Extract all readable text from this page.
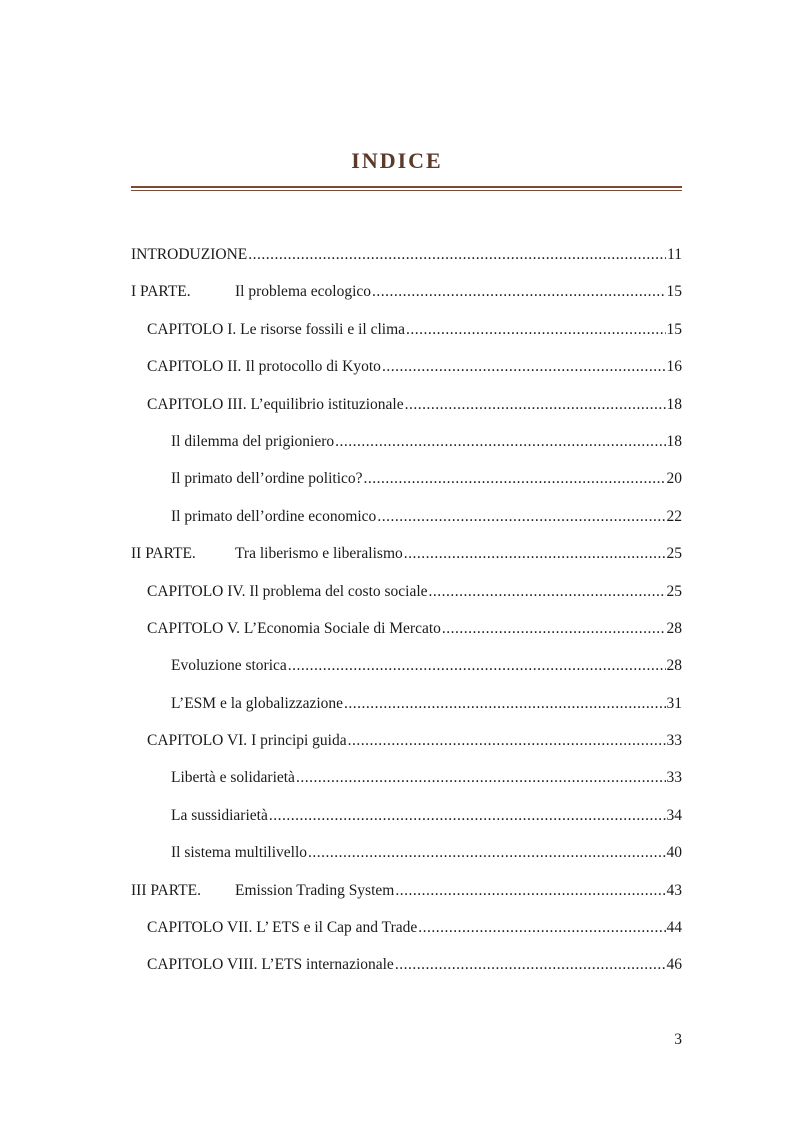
INDICE
INTRODUZIONE .....	11
I PARTE.	Il problema ecologico .....	15
CAPITOLO I. Le risorse fossili e il clima .....	15
CAPITOLO II. Il protocollo di Kyoto .....	16
CAPITOLO III. L’equilibrio istituzionale .....	18
Il dilemma del prigioniero .....	18
Il primato dell’ordine politico? .....	20
Il primato dell’ordine economico .....	22
II PARTE.	Tra liberismo e liberalismo .....	25
CAPITOLO IV. Il problema del costo sociale .....	25
CAPITOLO V. L’Economia Sociale di Mercato .....	28
Evoluzione storica .....	28
L’ESM e la globalizzazione .....	31
CAPITOLO VI. I principi guida .....	33
Libertà e solidarietà .....	33
La sussidiarietà .....	34
Il sistema multilivello .....	40
III PARTE. Emission Trading System .....	43
CAPITOLO VII. L’ ETS e il Cap and Trade .....	44
CAPITOLO VIII. L’ETS internazionale .....	46
3
